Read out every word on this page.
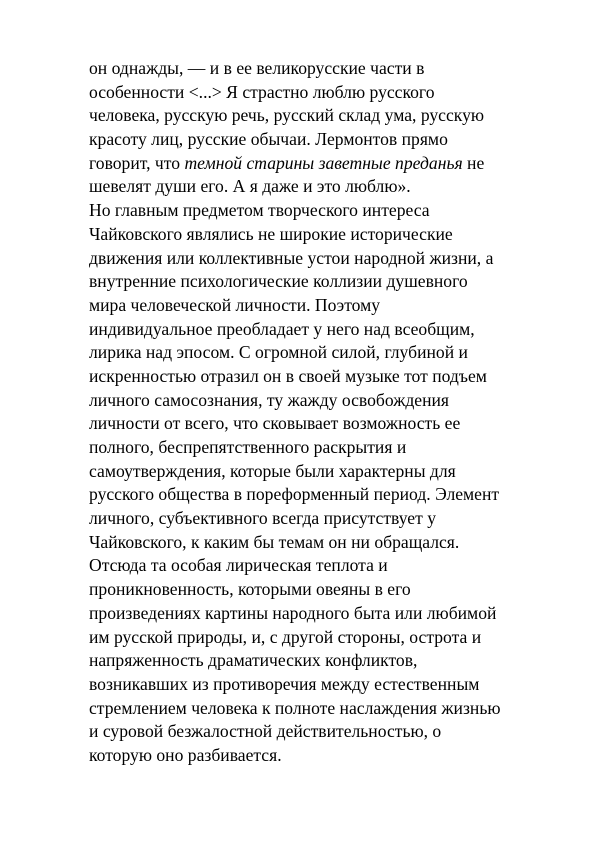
он однажды, — и в ее великорусские части в
особенности <...> Я страстно люблю русского
человека, русскую речь, русский склад ума, русскую
красоту лиц, русские обычаи. Лермонтов прямо
говорит, что темной старины заветные преданья не
шевелят души его. А я даже и это люблю».
Но главным предметом творческого интереса
Чайковского являлись не широкие исторические
движения или коллективные устои народной жизни, а
внутренние психологические коллизии душевного
мира человеческой личности. Поэтому
индивидуальное преобладает у него над всеобщим,
лирика над эпосом. С огромной силой, глубиной и
искренностью отразил он в своей музыке тот подъем
личного самосознания, ту жажду освобождения
личности от всего, что сковывает возможность ее
полного, беспрепятственного раскрытия и
самоутверждения, которые были характерны для
русского общества в пореформенный период. Элемент
личного, субъективного всегда присутствует у
Чайковского, к каким бы темам он ни обращался.
Отсюда та особая лирическая теплота и
проникновенность, которыми овеяны в его
произведениях картины народного быта или любимой
им русской природы, и, с другой стороны, острота и
напряженность драматических конфликтов,
возникавших из противоречия между естественным
стремлением человека к полноте наслаждения жизнью
и суровой безжалостной действительностью, о
которую оно разбивается.
